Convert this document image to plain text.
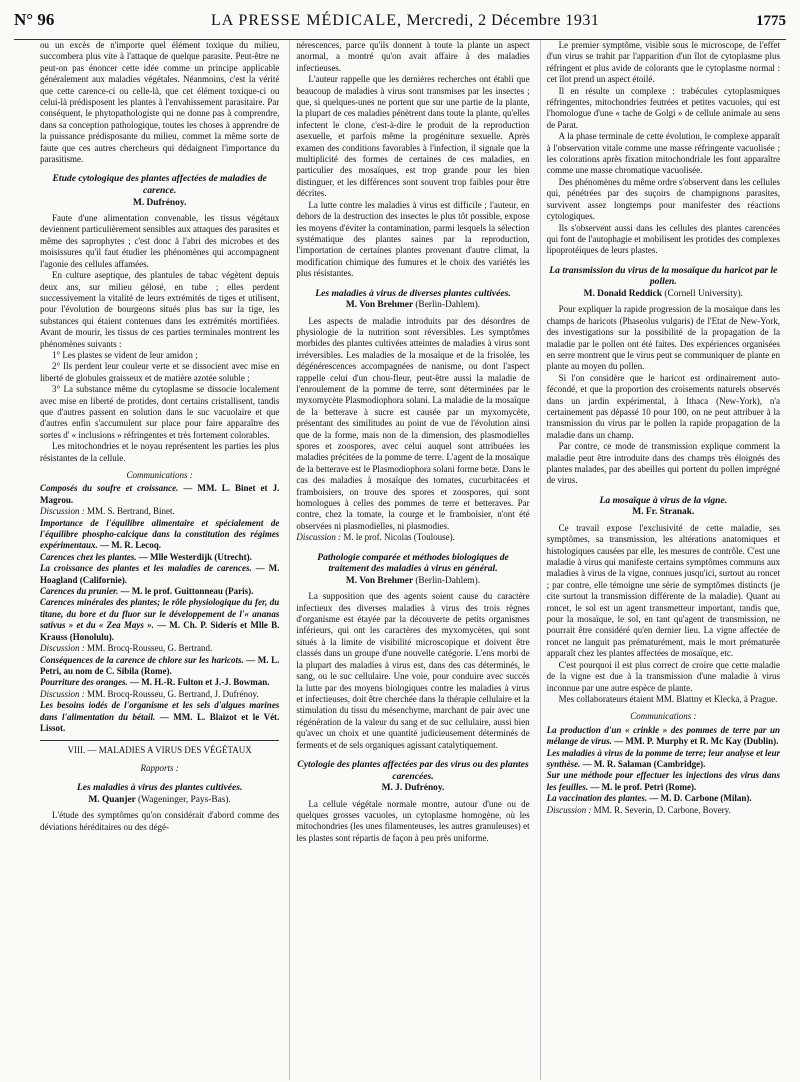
N° 96	LA PRESSE MÉDICALE, Mercredi, 2 Décembre 1931	1775

ou un excès de n'importe quel élément toxique du milieu, succombera plus vite à l'attaque de quelque parasite. Peut-être ne peut-on pas énoncer cette idée comme un principe applicable généralement aux maladies végétales. Néanmoins, c'est la vérité que cette carence-ci ou celle-là, que cet élément toxique-ci ou celui-là prédisposent les plantes à l'envahissement parasitaire. Par conséquent, le phytopathologiste qui ne donne pas à comprendre, dans sa conception pathologique, toutes les choses à apprendre de la puissance prédisposante du milieu, commet la même sorte de faute que ces autres chercheurs qui dédaignent l'importance du parasitisme.

Etude cytologique des plantes affectées de maladies de carence.
M. Dufrénoy.

Faute d'une alimentation convenable, les tissus végétaux deviennent particulièrement sensibles aux attaques des parasites et même des saprophytes ; c'est donc à l'abri des microbes et des moisissures qu'il faut étudier les phénomènes qui accompagnent l'agonie des cellules affamées.

En culture aseptique, des plantules de tabac végètent depuis deux ans, sur milieu gélosé, en tube ; elles perdent successivement la vitalité de leurs extrémités de tiges et utilisent, pour l'évolution de bourgeons situés plus bas sur la tige, les substances qui étaient contenues dans les extrémités mortifiées. Avant de mourir, les tissus de ces parties terminales montrent les phénomènes suivants :

1° Les plastes se vident de leur amidon ;

2° Ils perdent leur couleur verte et se dissocient avec mise en liberté de globules graisseux et de matière azotée soluble ;

3° La substance même du cytoplasme se dissocie localement avec mise en liberté de protides, dont certains cristallisent, tandis que d'autres passent en solution dans le suc vacuolaire et que d'autres enfin s'accumulent sur place pour faire apparaître des sortes d' « inclusions » réfringentes et très fortement colorables.

Les mitochondries et le noyau représentent les parties les plus résistantes de la cellule.

Communications :

Composés du soufre et croissance. — MM. L. Binet et J. Magrou.

Discussion : MM. S. Bertrand, Binet.

Importance de l'équilibre alimentaire et spécialement de l'équilibre phospho-calcique dans la constitution des régimes expérimentaux. — M. R. Lecoq.

Carences chez les plantes. — Mlle Westerdijk (Utrecht).

La croissance des plantes et les maladies de carences. — M. Hoagland (Californie).

Carences du prunier. — M. le prof. Guittonneau (Paris).

Carences minérales des plantes; le rôle physiologique du fer, du titane, du bore et du fluor sur le développement de l'« ananas sativus » et du « Zea Mays ». — M. Ch. P. Siderís et Mlle B. Krauss (Honolulu).

Discussion : MM. Brocq-Rousseu, G. Bertrand.

Conséquences de la carence de chlore sur les haricots. — M. L. Petri, au nom de C. Sibila (Rome).

Pourriture des oranges. — M. H.-R. Fulton et J.-J. Bowman.

Discussion : MM. Brocq-Rousseu, G. Bertrand, J. Dufrénoy.

Les besoins iodés de l'organisme et les sels d'algues marines dans l'alimentation du bétail. — MM. L. Blaizot et le Vét. Lissot.

VIII. — MALADIES A VIRUS DES VÉGÉTAUX
Rapports :
Les maladies à virus des plantes cultivées.
M. Quanjer (Wageninger, Pays-Bas).

L'étude des symptômes qu'on considérait d'abord comme des déviations héréditaires ou des dégé-

nérescences, parce qu'ils donnent à toute la plante un aspect anormal, a montré qu'on avait affaire à des maladies infectieuses.

L'auteur rappelle que les dernières recherches ont établi que beaucoup de maladies à virus sont transmises par les insectes ; que, si quelques-unes ne portent que sur une partie de la plante, la plupart de ces maladies pénètrent dans toute la plante, qu'elles infectent le clone, c'est-à-dire le produit de la reproduction asexuelle, et parfois même la progéniture sexuelle. Après examen des conditions favorables à l'infection, il signale que la multiplicité des formes de certaines de ces maladies, en particulier des mosaïques, est trop grande pour les bien distinguer, et les différences sont souvent trop faibles pour être décrites.

La lutte contre les maladies à virus est difficile ; l'auteur, en dehors de la destruction des insectes le plus tôt possible, expose les moyens d'éviter la contamination, parmi lesquels la sélection systématique des plantes saines par la reproduction, l'importation de certaines plantes provenant d'autre climat, la modification chimique des fumures et le choix des variétés les plus résistantes.

Les maladies à virus de diverses plantes cultivées.
M. Von Brehmer (Berlin-Dahlem).

Les aspects de maladie introduits par des désordres de physiologie de la nutrition sont réversibles. Les symptômes morbides des plantes cultivées atteintes de maladies à virus sont irréversibles. Les maladies de la mosaïque et de la frisolée, les dégénérescences accompagnées de nanisme, ou dont l'aspect rappelle celui d'un chou-fleur, peut-être aussi la maladie de l'enroulement de la pomme de terre, sont déterminées par le myxomycète Plasmodiophora solani. La maladie de la mosaïque de la betterave à sucre est causée par un myxomycète, présentant des similitudes au point de vue de l'évolution ainsi que de la forme, mais non de la dimension, des plasmodielles spores et zoospores, avec celui auquel sont attribuées les maladies précitées de la pomme de terre. L'agent de la mosaïque de la betterave est le Plasmodiophora solani forme betæ. Dans le cas des maladies à mosaïque des tomates, cucurbitacées et framboisiers, on trouve des spores et zoospores, qui sont homologues à celles des pommes de terre et betteraves. Par contre, chez la tomate, la courge et le framboisier, n'ont été observées ni plasmodielles, ni plasmodies.

Discussion : M. le prof. Nicolas (Toulouse).

Pathologie comparée et méthodes biologiques de traitement des maladies à virus en général.
M. Von Brehmer (Berlin-Dahlem).

La supposition que des agents soient cause du caractère infectieux des diverses maladies à virus des trois règnes d'organisme est étayée par la découverte de petits organismes inférieurs, qui ont les caractères des myxomycètes, qui sont situés à la limite de visibilité microscopique et doivent être classés dans un groupe d'une nouvelle catégorie. L'ens morbi de la plupart des maladies à virus est, dans des cas déterminés, le sang, ou le suc cellulaire. Une voie, pour conduire avec succès la lutte par des moyens biologiques contre les maladies à virus et infectieuses, doit être cherchée dans la thérapie cellulaire et la stimulation du tissu du mésenchyme, marchant de pair avec une régénération de la valeur du sang et de suc cellulaire, aussi bien qu'avec un choix et une quantité judicieusement déterminés de ferments et de sels organiques agissant catalytiquement.

Cytologie des plantes affectées par des virus ou des plantes carencées.
M. J. Dufrénoy.

La cellule végétale normale montre, autour d'une ou de quelques grosses vacuoles, un cytoplasme homogène, où les mitochondries (les unes filamenteuses, les autres granuleuses) et les plastes sont répartis de façon à peu près uniforme.

Le premier symptôme, visible sous le microscope, de l'effet d'un virus se trahit par l'apparition d'un îlot de cytoplasme plus réfringent et plus avide de colorants que le cytoplasme normal : cet îlot prend un aspect étoilé.

Il en résulte un complexe : trabécules cytoplasmiques réfringentes, mitochondries feutrées et petites vacuoles, qui est l'homologue d'une « tache de Golgi » de cellule animale au sens de Parat.

A la phase terminale de cette évolution, le complexe apparaît à l'observation vitale comme une masse réfringente vacuolisée ; les colorations après fixation mitochondriale les font apparaître comme une masse chromatique vacuolisée.

Des phénomènes du même ordre s'observent dans les cellules qui, pénétrées par des suçoirs de champignons parasites, survivent assez longtemps pour manifester des réactions cytologiques.

Ils s'observent aussi dans les cellules des plantes carencées qui font de l'autophagie et mobilisent les protides des complexes lipoprotéiques de leurs plastes.

La transmission du virus de la mosaïque du haricot par le pollen.
M. Donald Reddick (Cornell University).

Pour expliquer la rapide progression de la mosaïque dans les champs de haricots (Phaseolus vulgaris) de l'Etat de New-York, des investigations sur la possibilité de la propagation de la maladie par le pollen ont été faites. Des expériences organisées en serre montrent que le virus peut se communiquer de plante en plante au moyen du pollen.

Si l'on considère que le haricot est ordinairement auto-fécondé, et que la proportion des croisements naturels observés dans un jardin expérimental, à Ithaca (New-York), n'a certainement pas dépassé 10 pour 100, on ne peut attribuer à la transmission du virus par le pollen la rapide propagation de la maladie dans un champ.

Par contre, ce mode de transmission explique comment la maladie peut être introduite dans des champs très éloignés des plantes malades, par des abeilles qui portent du pollen imprégné de virus.

La mosaïque à virus de la vigne.
M. Fr. Stranak.

Ce travail expose l'exclusivité de cette maladie, ses symptômes, sa transmission, les altérations anatomiques et histologiques causées par elle, les mesures de contrôle. C'est une maladie à virus qui manifeste certains symptômes communs aux maladies à virus de la vigne, connues jusqu'ici, surtout au roncet ; par contre, elle témoigne une série de symptômes distincts (je cite surtout la transmission différente de la maladie). Quant au roncet, le sol est un agent transmetteur important, tandis que, pour la mosaïque, le sol, en tant qu'agent de transmission, ne pourrait être considéré qu'en dernier lieu. La vigne affectée de roncet ne languit pas prématurément, mais le mort prématurée apparaît chez les plantes affectées de mosaïque, etc.

C'est pourquoi il est plus correct de croire que cette maladie de la vigne est due à la transmission d'une maladie à virus inconnue par une autre espèce de plante.

Mes collaborateurs étaient MM. Blattny et Klecka, à Prague.

Communications :

La production d'un « crinkle » des pommes de terre par un mélange de virus. — MM. P. Murphy et R. Mc Kay (Dublin).

Les maladies à virus de la pomme de terre; leur analyse et leur synthèse. — M. R. Salaman (Cambridge).

Sur une méthode pour effectuer les injections des virus dans les feuilles. — M. le prof. Petri (Rome).

La vaccination des plantes. — M. D. Carbone (Milan).

Discussion : MM. R. Severin, D. Carbone, Bovery.
